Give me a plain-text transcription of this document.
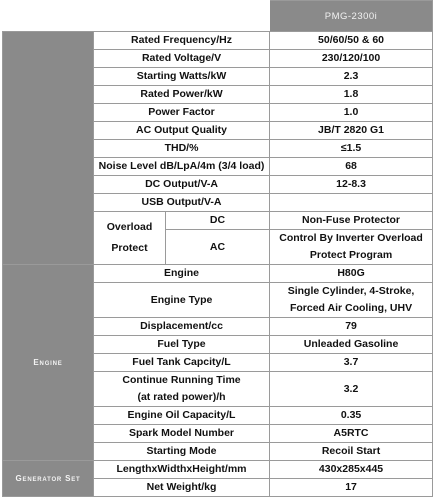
			PMG-2300i
	Rated Frequency/Hz		50/60/50 & 60
	Rated Voltage/V		230/120/100
	Starting Watts/kW		2.3
	Rated Power/kW		1.8
	Power Factor		1.0
	AC Output Quality		JB/T 2820 G1
	THD/%		≤1.5
	Noise Level dB/LpA/4m (3/4 load)		68
	DC Output/V-A		12-8.3
	USB Output/V-A		
	Overload
Protect	DC	Non-Fuse Protector
		AC	Control By Inverter Overload
Protect Program
Engine	Engine		H80G
	Engine Type		Single Cylinder, 4-Stroke,
Forced Air Cooling, UHV
	Displacement/cc		79
	Fuel Type		Unleaded Gasoline
	Fuel Tank Capcity/L		3.7
	Continue Running Time
(at rated power)/h		3.2
	Engine Oil Capacity/L		0.35
	Spark Model Number		A5RTC
	Starting Mode		Recoil Start
Generator Set	LengthxWidthxHeight/mm		430x285x445
	Net Weight/kg		17
